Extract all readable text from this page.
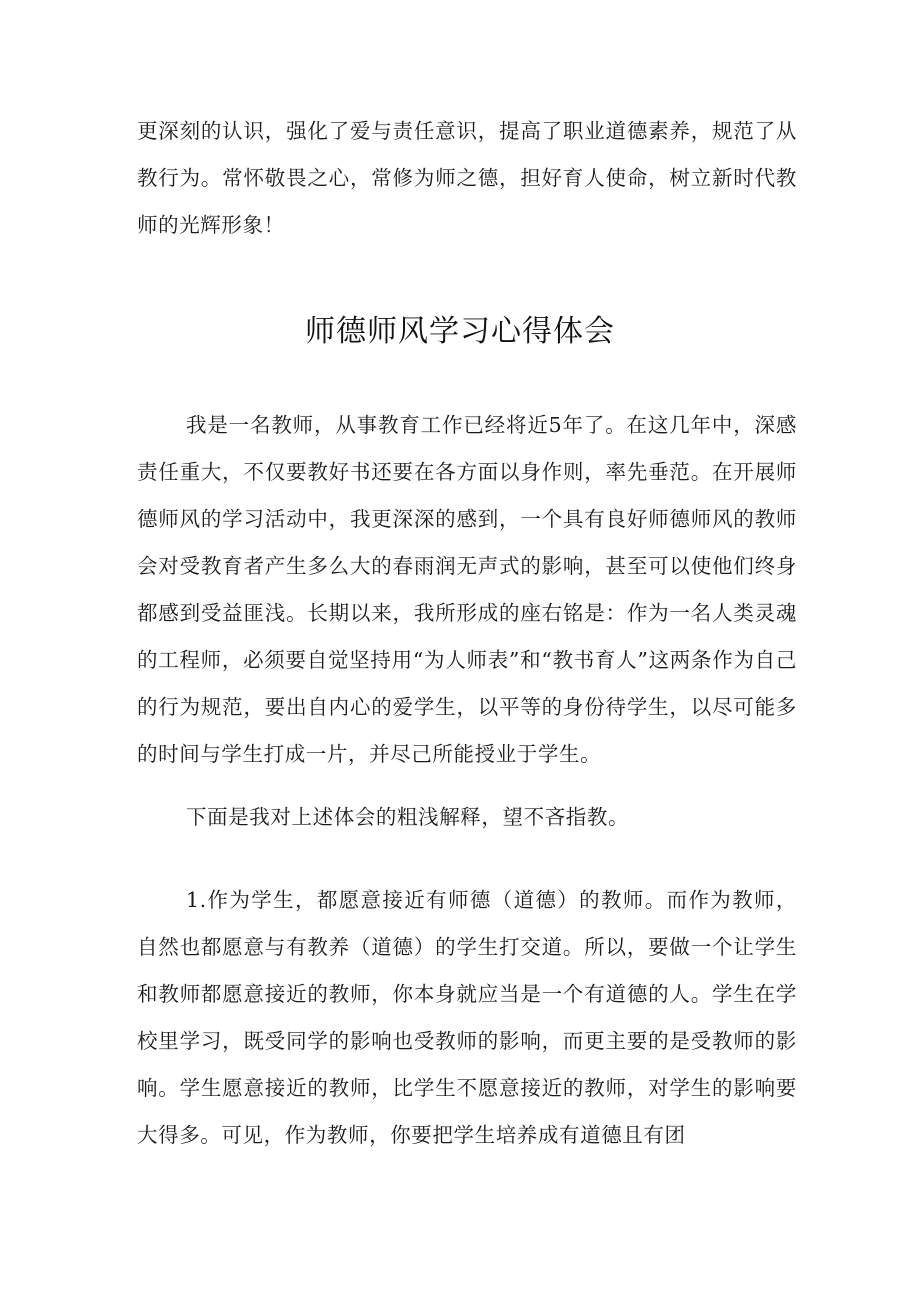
更深刻的认识，强化了爱与责任意识，提高了职业道德素养，规范了从教行为。常怀敬畏之心，常修为师之德，担好育人使命，树立新时代教师的光辉形象！

师德师风学习心得体会

我是一名教师，从事教育工作已经将近5年了。在这几年中，深感责任重大，不仅要教好书还要在各方面以身作则，率先垂范。在开展师德师风的学习活动中，我更深深的感到，一个具有良好师德师风的教师会对受教育者产生多么大的春雨润无声式的影响，甚至可以使他们终身都感到受益匪浅。长期以来，我所形成的座右铭是：作为一名人类灵魂的工程师，必须要自觉坚持用“为人师表”和“教书育人”这两条作为自己的行为规范，要出自内心的爱学生，以平等的身份待学生，以尽可能多的时间与学生打成一片，并尽己所能授业于学生。

下面是我对上述体会的粗浅解释，望不吝指教。

1.作为学生，都愿意接近有师德（道德）的教师。而作为教师，自然也都愿意与有教养（道德）的学生打交道。所以，要做一个让学生和教师都愿意接近的教师，你本身就应当是一个有道德的人。学生在学校里学习，既受同学的影响也受教师的影响，而更主要的是受教师的影响。学生愿意接近的教师，比学生不愿意接近的教师，对学生的影响要大得多。可见，作为教师，你要把学生培养成有道德且有团
